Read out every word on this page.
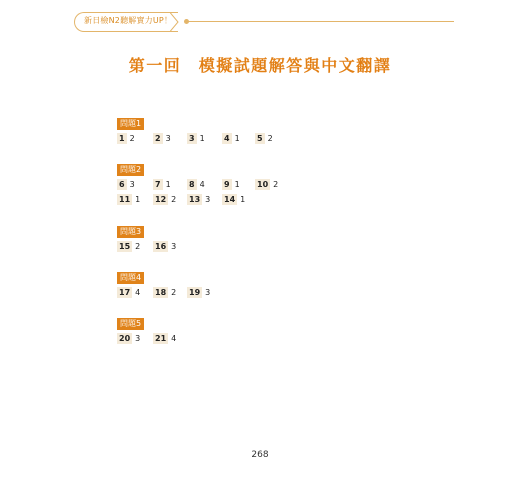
新日檢N2聽解實力UP！
第一回　模擬試題解答與中文翻譯
問題1
1 2	2 3 3 1 4 1 5 2
問題2
6 3	7 1 8 4 9 1 10 2
11 1 12 2 13 3 14 1
問題3
15 2 16 3
問題4
17 4 18 2 19 3
問題5
20 3 21 4
268
